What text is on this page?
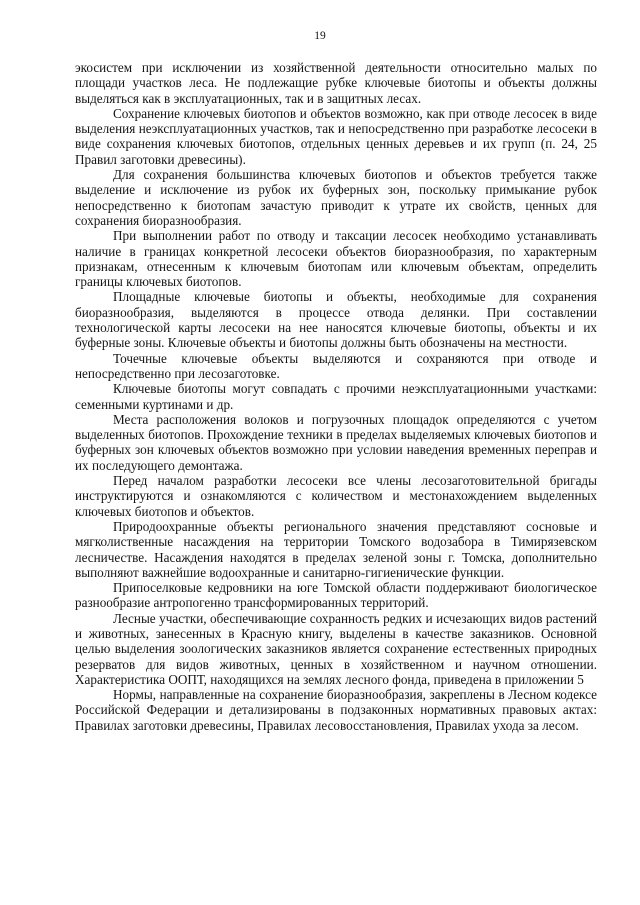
19

экосистем при исключении из хозяйственной деятельности относительно малых по площади участков леса. Не подлежащие рубке ключевые биотопы и объекты должны выделяться как в эксплуатационных, так и в защитных лесах.

Сохранение ключевых биотопов и объектов возможно, как при отводе лесосек в виде выделения неэксплуатационных участков, так и непосредственно при разработке лесосеки в виде сохранения ключевых биотопов, отдельных ценных деревьев и их групп (п. 24, 25 Правил заготовки древесины).

Для сохранения большинства ключевых биотопов и объектов требуется также выделение и исключение из рубок их буферных зон, поскольку примыкание рубок непосредственно к биотопам зачастую приводит к утрате их свойств, ценных для сохранения биоразнообразия.

При выполнении работ по отводу и таксации лесосек необходимо устанавливать наличие в границах конкретной лесосеки объектов биоразнообразия, по характерным признакам, отнесенным к ключевым биотопам или ключевым объектам, определить границы ключевых биотопов.

Площадные ключевые биотопы и объекты, необходимые для сохранения биоразнообразия, выделяются в процессе отвода делянки. При составлении технологической карты лесосеки на нее наносятся ключевые биотопы, объекты и их буферные зоны. Ключевые объекты и биотопы должны быть обозначены на местности.

Точечные ключевые объекты выделяются и сохраняются при отводе и непосредственно при лесозаготовке.

Ключевые биотопы могут совпадать с прочими неэксплуатационными участками: семенными куртинами и др.

Места расположения волоков и погрузочных площадок определяются с учетом выделенных биотопов. Прохождение техники в пределах выделяемых ключевых биотопов и буферных зон ключевых объектов возможно при условии наведения временных переправ и их последующего демонтажа.

Перед началом разработки лесосеки все члены лесозаготовительной бригады инструктируются и ознакомляются с количеством и местонахождением выделенных ключевых биотопов и объектов.

Природоохранные объекты регионального значения представляют сосновые и мягколиственные насаждения на территории Томского водозабора в Тимирязевском лесничестве. Насаждения находятся в пределах зеленой зоны г. Томска, дополнительно выполняют важнейшие водоохранные и санитарно-гигиенические функции.

Припоселковые кедровники на юге Томской области поддерживают биологическое разнообразие антропогенно трансформированных территорий.

Лесные участки, обеспечивающие сохранность редких и исчезающих видов растений и животных, занесенных в Красную книгу, выделены в качестве заказников. Основной целью выделения зоологических заказников является сохранение естественных природных резерватов для видов животных, ценных в хозяйственном и научном отношении. Характеристика ООПТ, находящихся на землях лесного фонда, приведена в приложении 5

Нормы, направленные на сохранение биоразнообразия, закреплены в Лесном кодексе Российской Федерации и детализированы в подзаконных нормативных правовых актах: Правилах заготовки древесины, Правилах лесовосстановления, Правилах ухода за лесом.
